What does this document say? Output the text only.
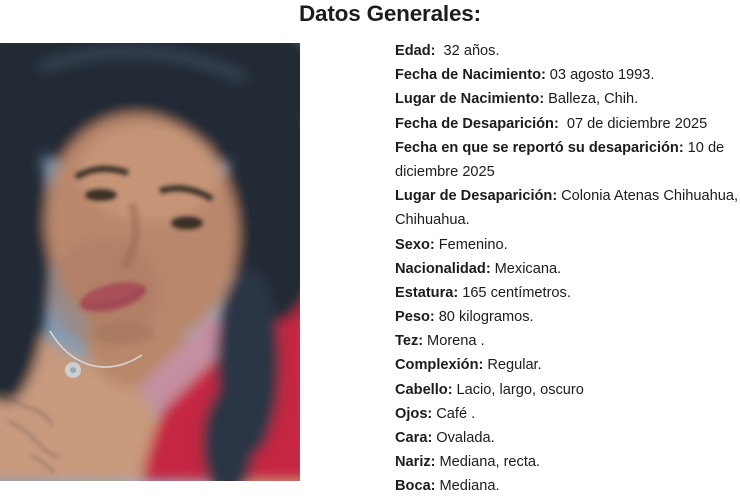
Datos Generales:
Edad: 32 años.
Fecha de Nacimiento: 03 agosto 1993.
Lugar de Nacimiento: Balleza, Chih.
Fecha de Desaparición: 07 de diciembre 2025
Fecha en que se reportó su desaparición: 10 de
diciembre 2025
Lugar de Desaparición: Colonia Atenas Chihuahua,
Chihuahua.
Sexo: Femenino.
Nacionalidad: Mexicana.
Estatura: 165 centímetros.
Peso: 80 kilogramos.
Tez: Morena .
Complexión: Regular.
Cabello: Lacio, largo, oscuro
Ojos: Café .
Cara: Ovalada.
Nariz: Mediana, recta.
Boca: Mediana.
